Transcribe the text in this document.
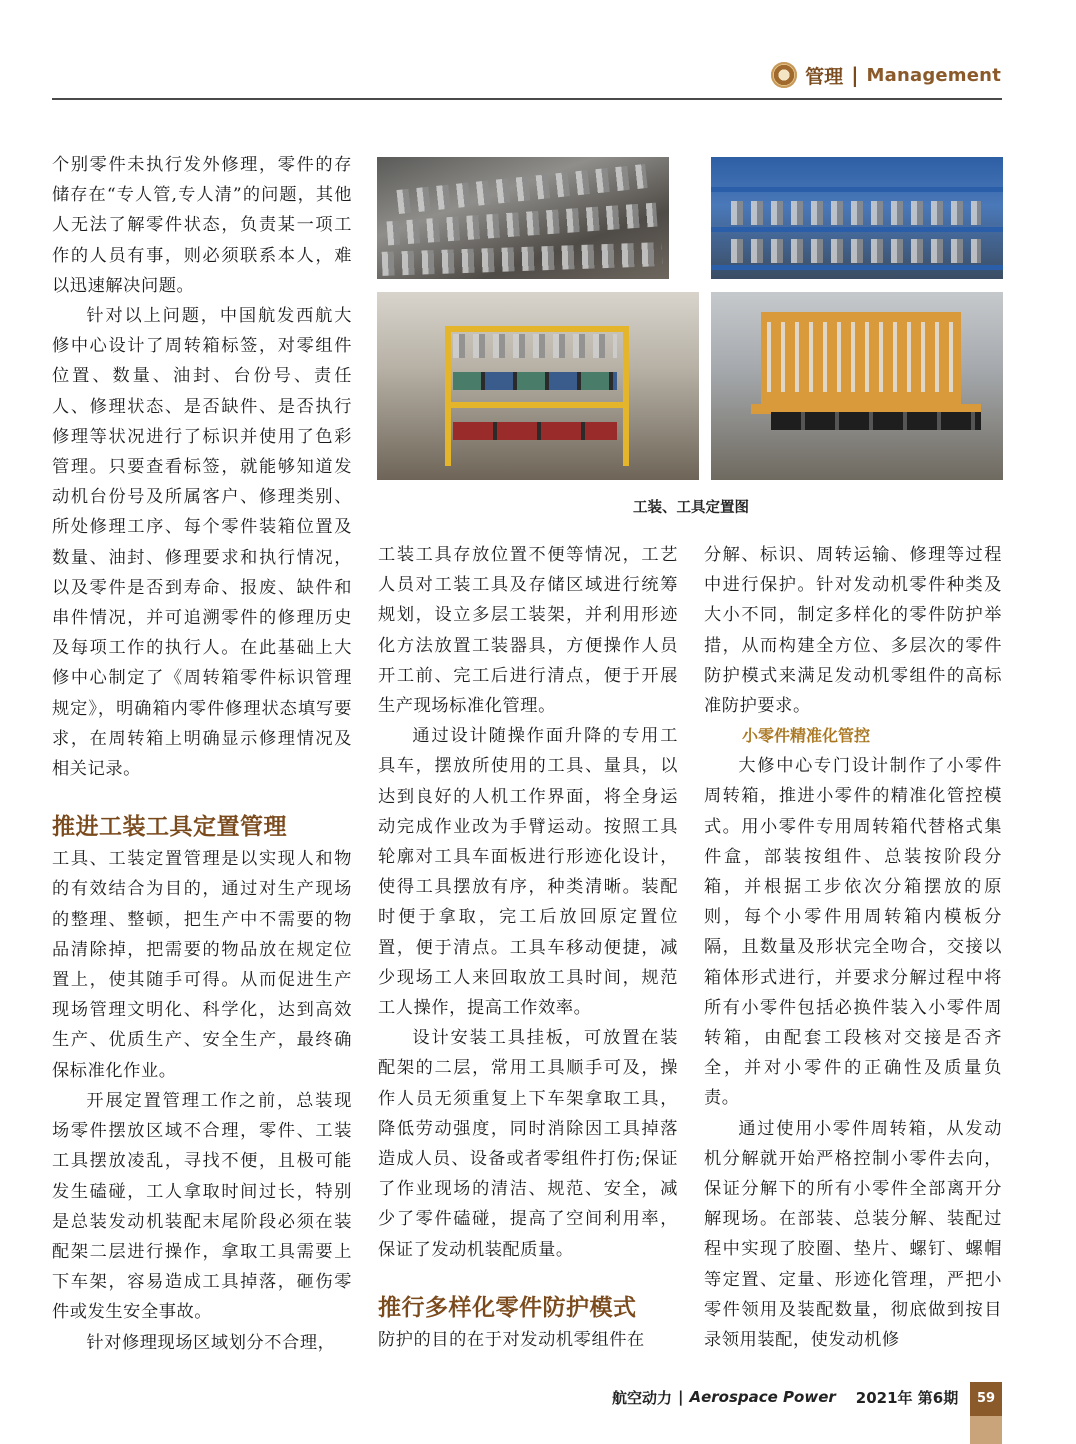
管理 | Management

个别零件未执行发外修理，零件的存储存在“专人管,专人清”的问题，其他人无法了解零件状态，负责某一项工作的人员有事，则必须联系本人，难以迅速解决问题。

针对以上问题，中国航发西航大修中心设计了周转箱标签，对零组件位置、数量、油封、台份号、责任人、修理状态、是否缺件、是否执行修理等状况进行了标识并使用了色彩管理。只要查看标签，就能够知道发动机台份号及所属客户、修理类别、所处修理工序、每个零件装箱位置及数量、油封、修理要求和执行情况，以及零件是否到寿命、报废、缺件和串件情况，并可追溯零件的修理历史及每项工作的执行人。在此基础上大修中心制定了《周转箱零件标识管理规定》，明确箱内零件修理状态填写要求，在周转箱上明确显示修理情况及相关记录。

推进工装工具定置管理

工具、工装定置管理是以实现人和物的有效结合为目的，通过对生产现场的整理、整顿，把生产中不需要的物品清除掉，把需要的物品放在规定位置上，使其随手可得。从而促进生产现场管理文明化、科学化，达到高效生产、优质生产、安全生产，最终确保标准化作业。

开展定置管理工作之前，总装现场零件摆放区域不合理，零件、工装工具摆放凌乱，寻找不便，且极可能发生磕碰，工人拿取时间过长，特别是总装发动机装配末尾阶段必须在装配架二层进行操作，拿取工具需要上下车架，容易造成工具掉落，砸伤零件或发生安全事故。

针对修理现场区域划分不合理，

工装、工具定置图

工装工具存放位置不便等情况，工艺人员对工装工具及存储区域进行统筹规划，设立多层工装架，并利用形迹化方法放置工装器具，方便操作人员开工前、完工后进行清点，便于开展生产现场标准化管理。

通过设计随操作面升降的专用工具车，摆放所使用的工具、量具，以达到良好的人机工作界面，将全身运动完成作业改为手臂运动。按照工具轮廓对工具车面板进行形迹化设计，使得工具摆放有序，种类清晰。装配时便于拿取，完工后放回原定置位置，便于清点。工具车移动便捷，减少现场工人来回取放工具时间，规范工人操作，提高工作效率。

设计安装工具挂板，可放置在装配架的二层，常用工具顺手可及，操作人员无须重复上下车架拿取工具，降低劳动强度，同时消除因工具掉落造成人员、设备或者零组件打伤;保证了作业现场的清洁、规范、安全，减少了零件磕碰，提高了空间利用率，保证了发动机装配质量。

推行多样化零件防护模式

防护的目的在于对发动机零组件在

分解、标识、周转运输、修理等过程中进行保护。针对发动机零件种类及大小不同，制定多样化的零件防护举措，从而构建全方位、多层次的零件防护模式来满足发动机零组件的高标准防护要求。

小零件精准化管控

大修中心专门设计制作了小零件周转箱，推进小零件的精准化管控模式。用小零件专用周转箱代替格式集件盒，部装按组件、总装按阶段分箱，并根据工步依次分箱摆放的原则，每个小零件用周转箱内模板分隔，且数量及形状完全吻合，交接以箱体形式进行，并要求分解过程中将所有小零件包括必换件装入小零件周转箱，由配套工段核对交接是否齐全，并对小零件的正确性及质量负责。

通过使用小零件周转箱，从发动机分解就开始严格控制小零件去向，保证分解下的所有小零件全部离开分解现场。在部装、总装分解、装配过程中实现了胶圈、垫片、螺钉、螺帽等定置、定量、形迹化管理，严把小零件领用及装配数量，彻底做到按目录领用装配，使发动机修

航空动力 | Aerospace Power 2021年 第6期	59
